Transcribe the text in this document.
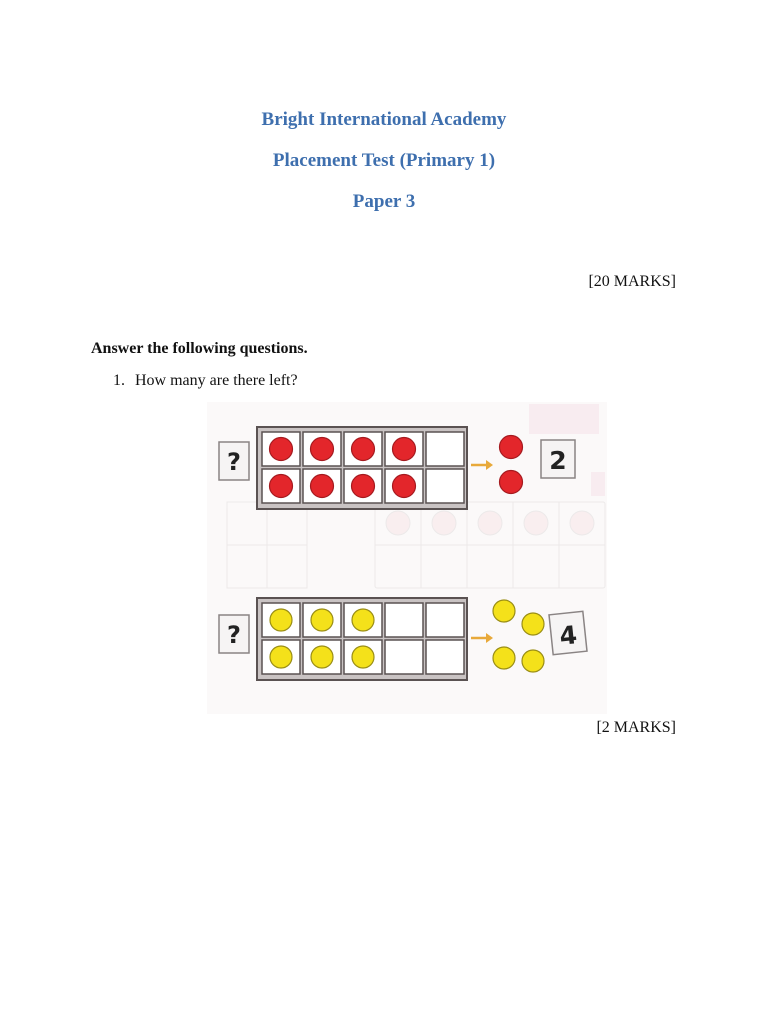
Bright International Academy
Placement Test (Primary 1)
Paper 3
[20 MARKS]
Answer the following questions.
1. How many are there left?
?	2
?	4
[2 MARKS]
